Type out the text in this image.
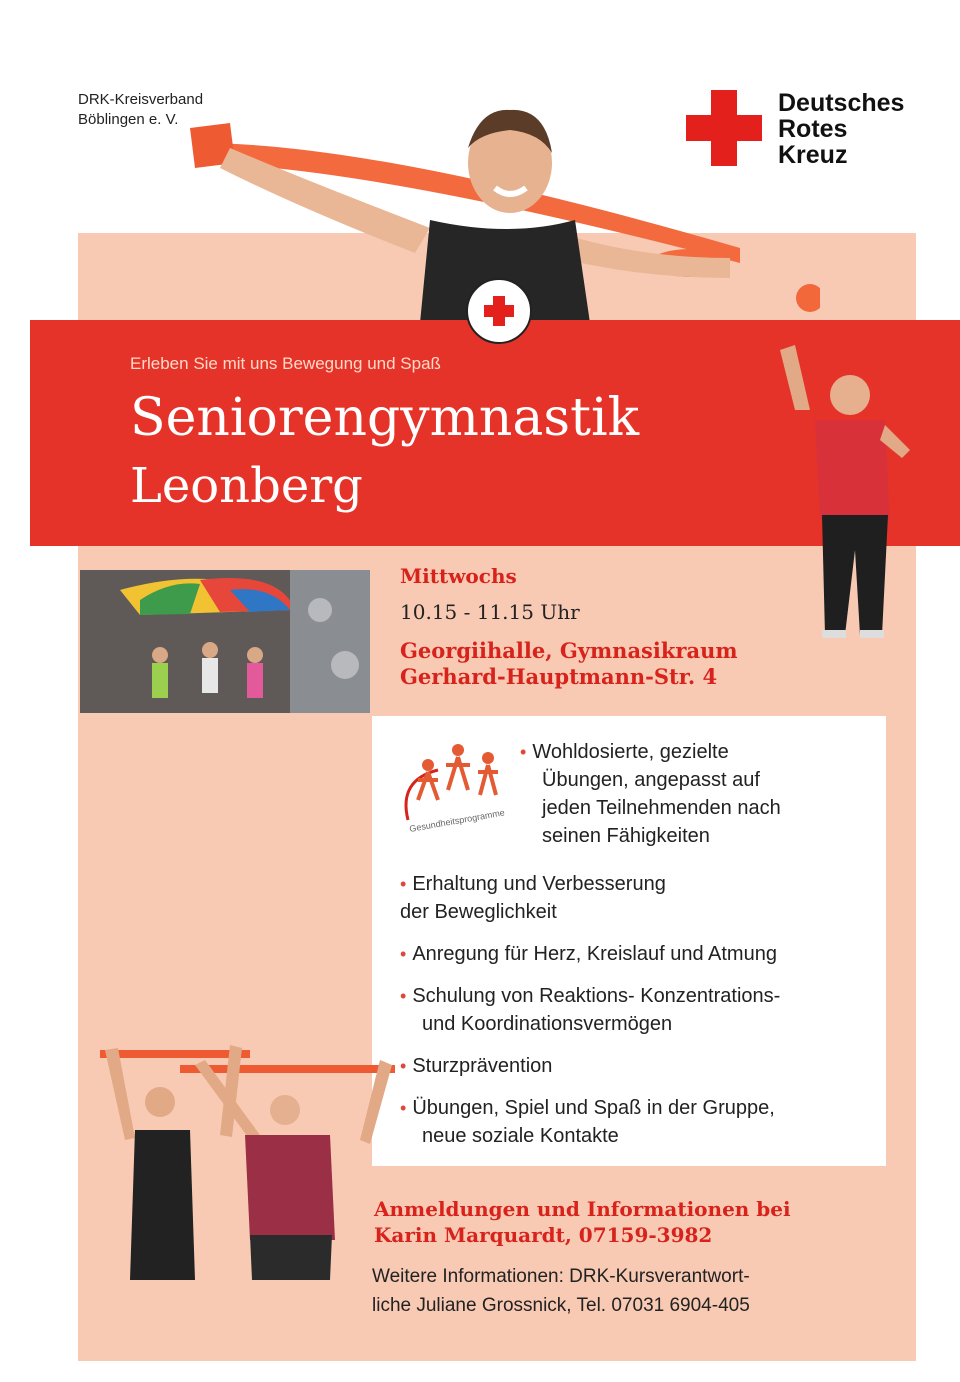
DRK-Kreisverband
Böblingen e. V.
Deutsches
Rotes
Kreuz
Erleben Sie mit uns Bewegung und Spaß
Seniorengymnastik
Leonberg
Mittwochs
10.15 - 11.15 Uhr
Georgiihalle, Gymnasikraum
Gerhard-Hauptmann-Str. 4
Gesundheitsprogramme
• Wohldosierte, gezielte
Übungen, angepasst auf
jeden Teilnehmenden nach
seinen Fähigkeiten
• Erhaltung und Verbesserung
der Beweglichkeit
• Anregung für Herz, Kreislauf und Atmung
• Schulung von Reaktions- Konzentrations-
und Koordinationsvermögen
• Sturzprävention
• Übungen, Spiel und Spaß in der Gruppe,
neue soziale Kontakte
Anmeldungen und Informationen bei
Karin Marquardt, 07159-3982
Weitere Informationen: DRK-Kursverantwort-
liche Juliane Grossnick, Tel. 07031 6904-405
